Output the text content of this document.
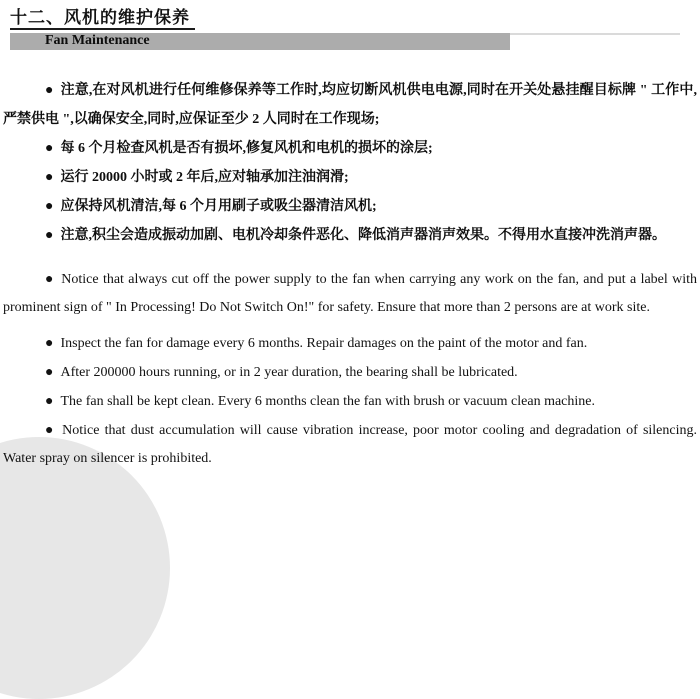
十二、风机的维护保养
Fan Maintenance

● 注意,在对风机进行任何维修保养等工作时,均应切断风机供电电源,同时在开关处悬挂醒目标牌 " 工作中,严禁供电 ",以确保安全,同时,应保证至少 2 人同时在工作现场;

● 每 6 个月检查风机是否有损坏,修复风机和电机的损坏的涂层;

● 运行 20000 小时或 2 年后,应对轴承加注油润滑;

● 应保持风机清洁,每 6 个月用刷子或吸尘器清洁风机;

● 注意,积尘会造成振动加剧、电机冷却条件恶化、降低消声器消声效果。不得用水直接冲洗消声器。

● Notice that always cut off the power supply to the fan when carrying any work on the fan, and put a label with prominent sign of " In Processing! Do Not Switch On!" for safety. Ensure that more than 2 persons are at work site.

● Inspect the fan for damage every 6 months. Repair damages on the paint of the motor and fan.

● After 200000 hours running, or in 2 year duration, the bearing shall be lubricated.

● The fan shall be kept clean. Every 6 months clean the fan with brush or vacuum clean machine.

● Notice that dust accumulation will cause vibration increase, poor motor cooling and degradation of silencing. Water spray on silencer is prohibited.
